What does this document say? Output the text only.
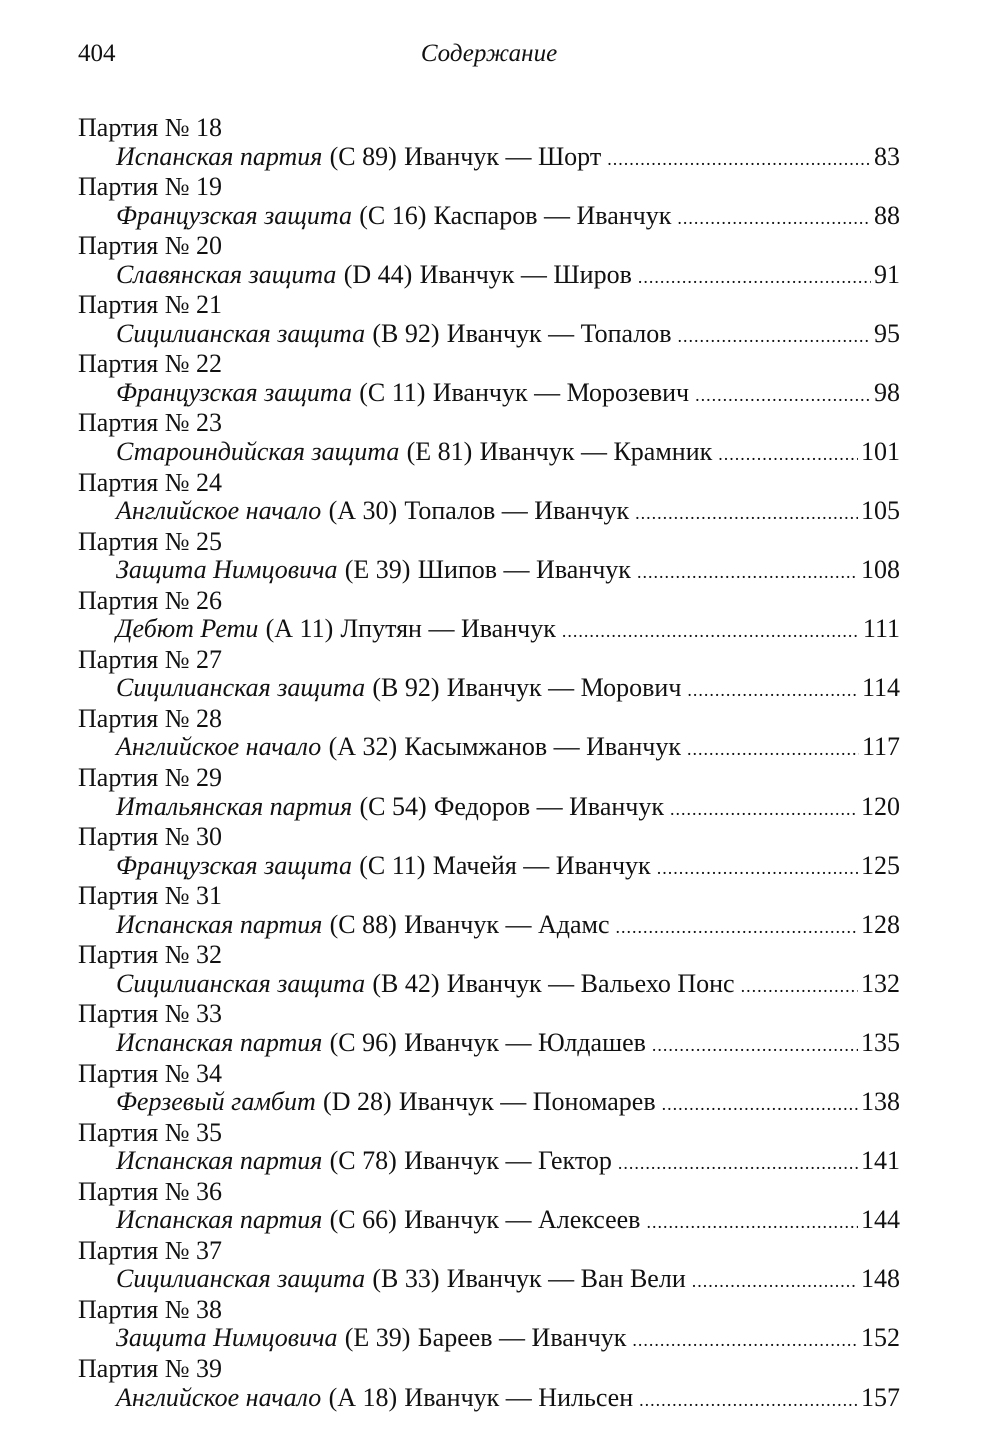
404	Содержание
Партия № 18
Испанская партия (С 89) Иванчук — Шорт .....	83
Партия № 19
Французская защита (С 16) Каспаров — Иванчук .....	88
Партия № 20
Славянская защита (D 44) Иванчук — Широв .....	91
Партия № 21
Сицилианская защита (В 92) Иванчук — Топалов .....	95
Партия № 22
Французская защита (С 11) Иванчук — Морозевич .....	98
Партия № 23
Староиндийская защита (Е 81) Иванчук — Крамник .....	101
Партия № 24
Английское начало (А 30) Топалов — Иванчук .....	105
Партия № 25
Защита Нимцовича (Е 39) Шипов — Иванчук .....	108
Партия № 26
Дебют Рети (А 11) Лпутян — Иванчук .....	111
Партия № 27
Сицилианская защита (В 92) Иванчук — Морович .....	114
Партия № 28
Английское начало (А 32) Касымжанов — Иванчук .....	117
Партия № 29
Итальянская партия (С 54) Федоров — Иванчук .....	120
Партия № 30
Французская защита (С 11) Мачейя — Иванчук .....	125
Партия № 31
Испанская партия (С 88) Иванчук — Адамс .....	128
Партия № 32
Сицилианская защита (В 42) Иванчук — Вальехо Понс .....	132
Партия № 33
Испанская партия (С 96) Иванчук — Юлдашев .....	135
Партия № 34
Ферзевый гамбит (D 28) Иванчук — Пономарев .....	138
Партия № 35
Испанская партия (С 78) Иванчук — Гектор .....	141
Партия № 36
Испанская партия (С 66) Иванчук — Алексеев .....	144
Партия № 37
Сицилианская защита (В 33) Иванчук — Ван Вели .....	148
Партия № 38
Защита Нимцовича (Е 39) Бареев — Иванчук .....	152
Партия № 39
Английское начало (А 18) Иванчук — Нильсен .....	157
